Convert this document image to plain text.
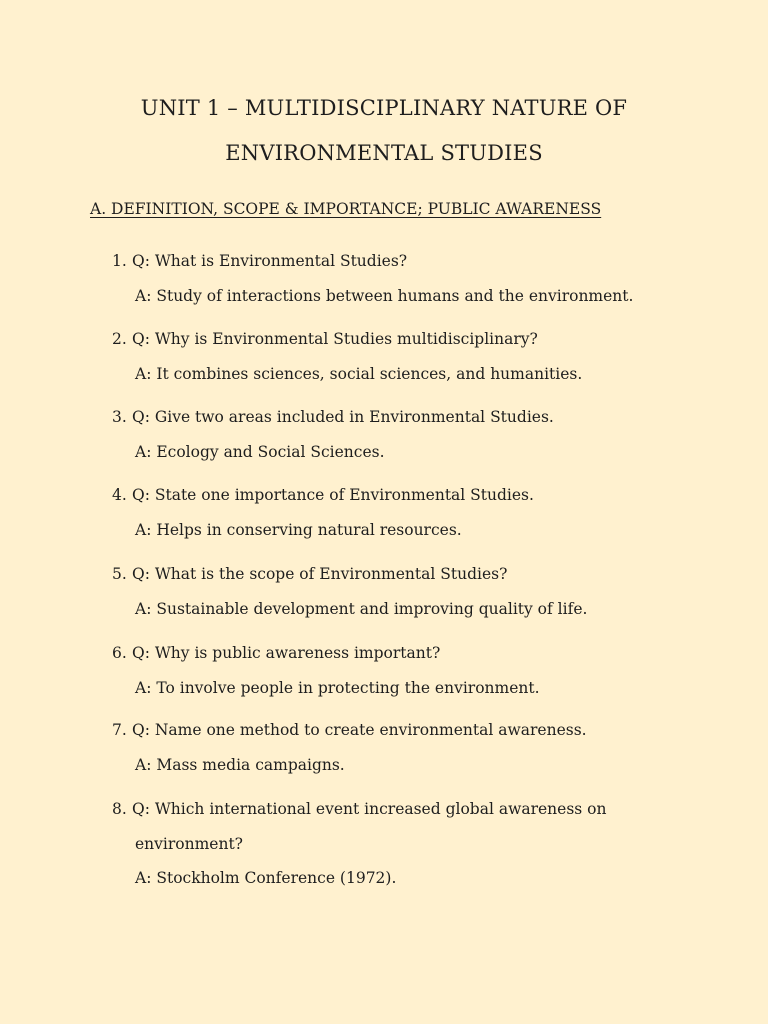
UNIT 1 – MULTIDISCIPLINARY NATURE OF
ENVIRONMENTAL STUDIES
A. DEFINITION, SCOPE & IMPORTANCE; PUBLIC AWARENESS
1. Q: What is Environmental Studies?
A: Study of interactions between humans and the environment.
2. Q: Why is Environmental Studies multidisciplinary?
A: It combines sciences, social sciences, and humanities.
3. Q: Give two areas included in Environmental Studies.
A: Ecology and Social Sciences.
4. Q: State one importance of Environmental Studies.
A: Helps in conserving natural resources.
5. Q: What is the scope of Environmental Studies?
A: Sustainable development and improving quality of life.
6. Q: Why is public awareness important?
A: To involve people in protecting the environment.
7. Q: Name one method to create environmental awareness.
A: Mass media campaigns.
8. Q: Which international event increased global awareness on
environment?
A: Stockholm Conference (1972).
